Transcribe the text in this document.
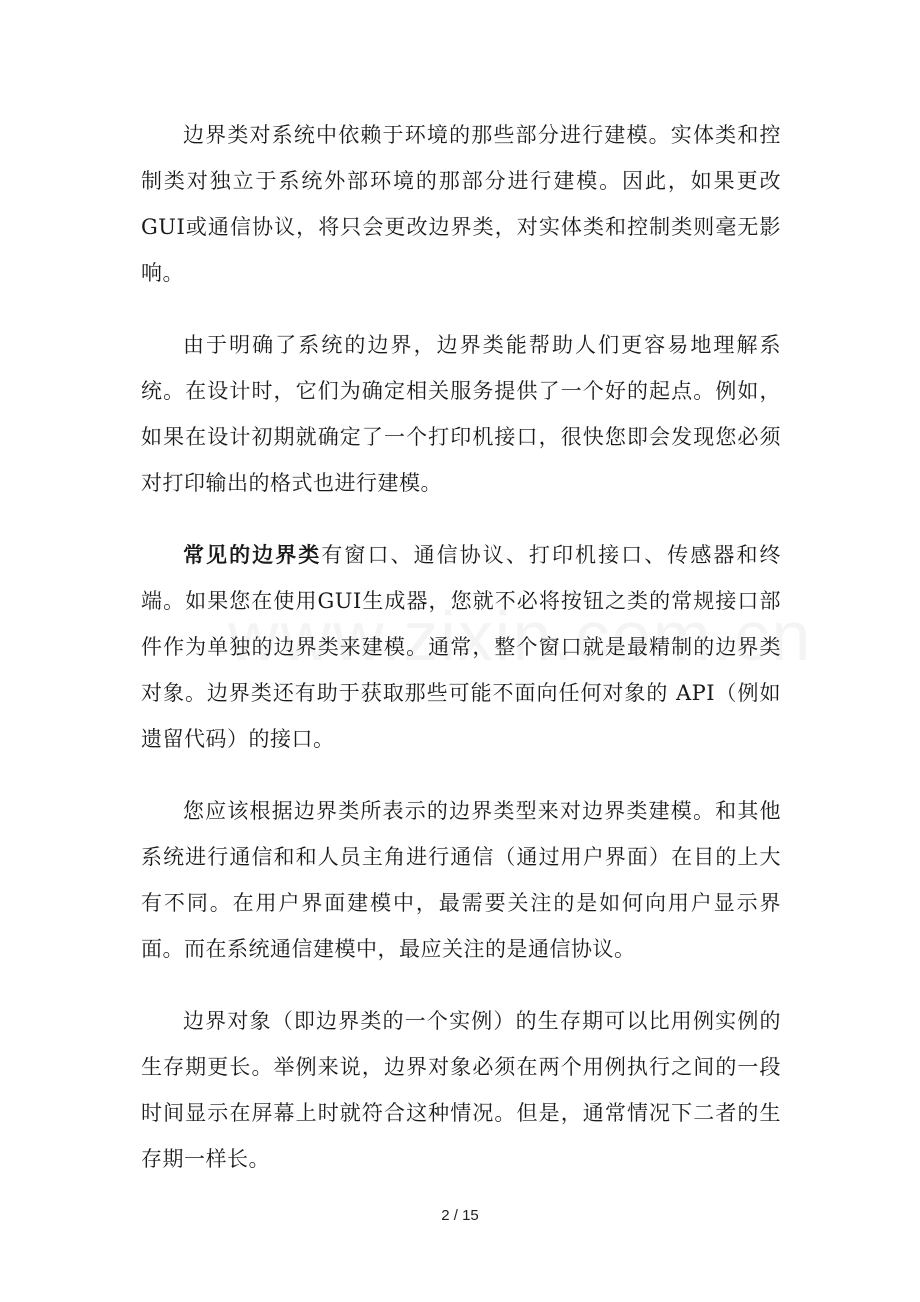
边界类对系统中依赖于环境的那些部分进行建模。实体类和控制类对独立于系统外部环境的那部分进行建模。因此，如果更改GUI或通信协议，将只会更改边界类，对实体类和控制类则毫无影响。

由于明确了系统的边界，边界类能帮助人们更容易地理解系统。在设计时，它们为确定相关服务提供了一个好的起点。例如，如果在设计初期就确定了一个打印机接口，很快您即会发现您必须对打印输出的格式也进行建模。

常见的边界类有窗口、通信协议、打印机接口、传感器和终端。如果您在使用GUI生成器，您就不必将按钮之类的常规接口部件作为单独的边界类来建模。通常，整个窗口就是最精制的边界类对象。边界类还有助于获取那些可能不面向任何对象的 API（例如遗留代码）的接口。

您应该根据边界类所表示的边界类型来对边界类建模。和其他系统进行通信和和人员主角进行通信（通过用户界面）在目的上大有不同。在用户界面建模中，最需要关注的是如何向用户显示界面。而在系统通信建模中，最应关注的是通信协议。

边界对象（即边界类的一个实例）的生存期可以比用例实例的生存期更长。举例来说，边界对象必须在两个用例执行之间的一段时间显示在屏幕上时就符合这种情况。但是，通常情况下二者的生存期一样长。

2 / 15
